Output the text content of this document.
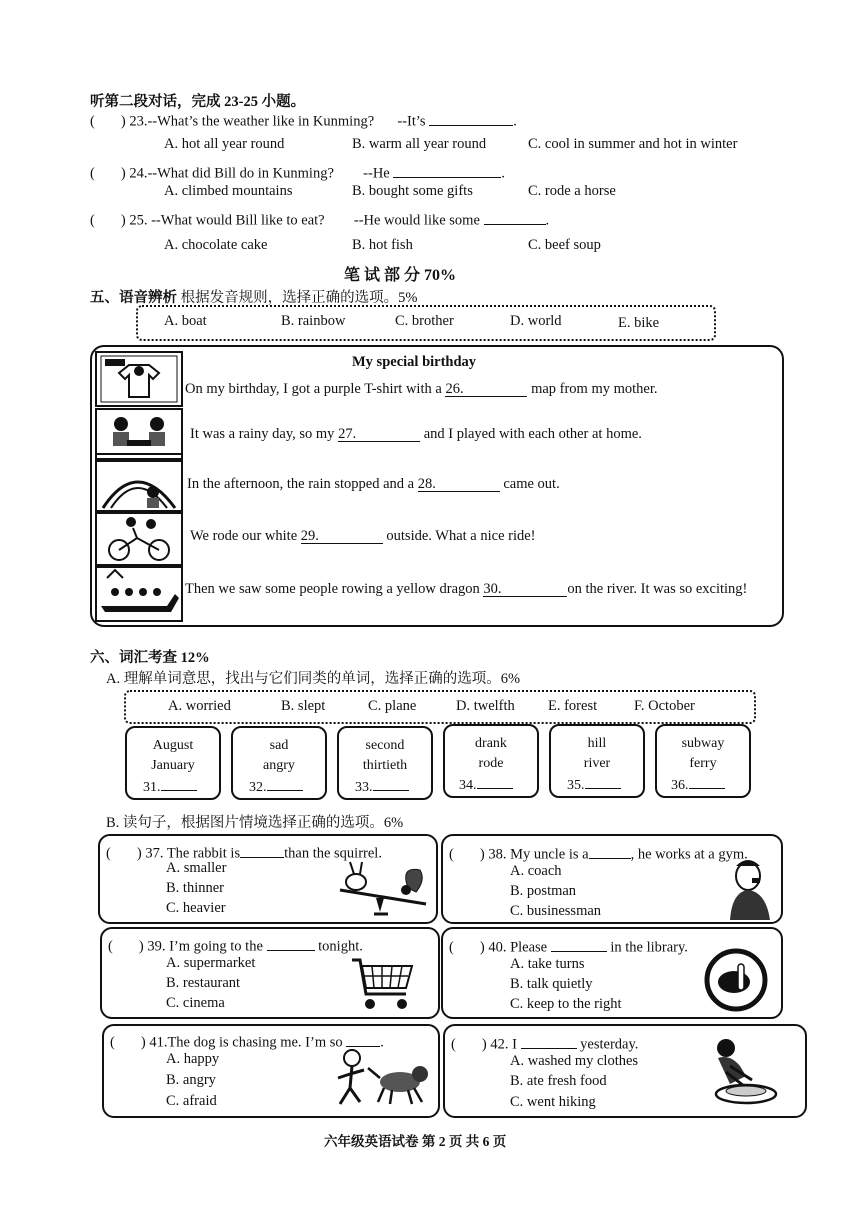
听第二段对话，完成 23-25 小题。
( ) 23.--What’s the weather like in Kunming? --It’s	.
A. hot all year round	B. warm all year round	C. cool in summer and hot in winter
( ) 24.--What did Bill do in Kunming? --He	.
A. climbed mountains	B. bought some gifts	C. rode a horse
( ) 25. --What would Bill like to eat? --He would like some	.
A. chocolate cake	B. hot fish	C. beef soup
笔 试 部 分 70%
五、语音辨析 根据发音规则，选择正确的选项。5%
A. boat	B. rainbow	C. brother	D. world	E. bike
My special birthday
On my birthday, I got a purple T-shirt with a 26.	map from my mother.
It was a rainy day, so my 27.	and I played with each other at home.
In the afternoon, the rain stopped and a 28.	came out.
We rode our white 29.	outside. What a nice ride!
Then we saw some people rowing a yellow dragon 30.	on the river. It was so exciting!
六、词汇考查 12%
A. 理解单词意思，找出与它们同类的单词，选择正确的选项。6%
A. worried	B. slept	C. plane	D. twelfth E. forest	F. October
August
January
31.
sad
angry
32.
second
thirtieth
33.
drank
rode
34.
hill
river
35.
subway
ferry
36.
B. 读句子，根据图片情境选择正确的选项。6%
( ) 37. The rabbit is	than the squirrel.
A. smaller
B. thinner
C. heavier
( ) 38. My uncle is a	, he works at a gym.
A. coach
B. postman
C. businessman
( ) 39. I’m going to the	tonight.
A. supermarket
B. restaurant
C. cinema
( ) 40. Please	in the library.
A. take turns
B. talk quietly
C. keep to the right
( ) 41.The dog is chasing me. I’m so	.
A. happy
B. angry
C. afraid
( ) 42. I	yesterday.
A. washed my clothes
B. ate fresh food
C. went hiking
六年级英语试卷 第 2 页 共 6 页
